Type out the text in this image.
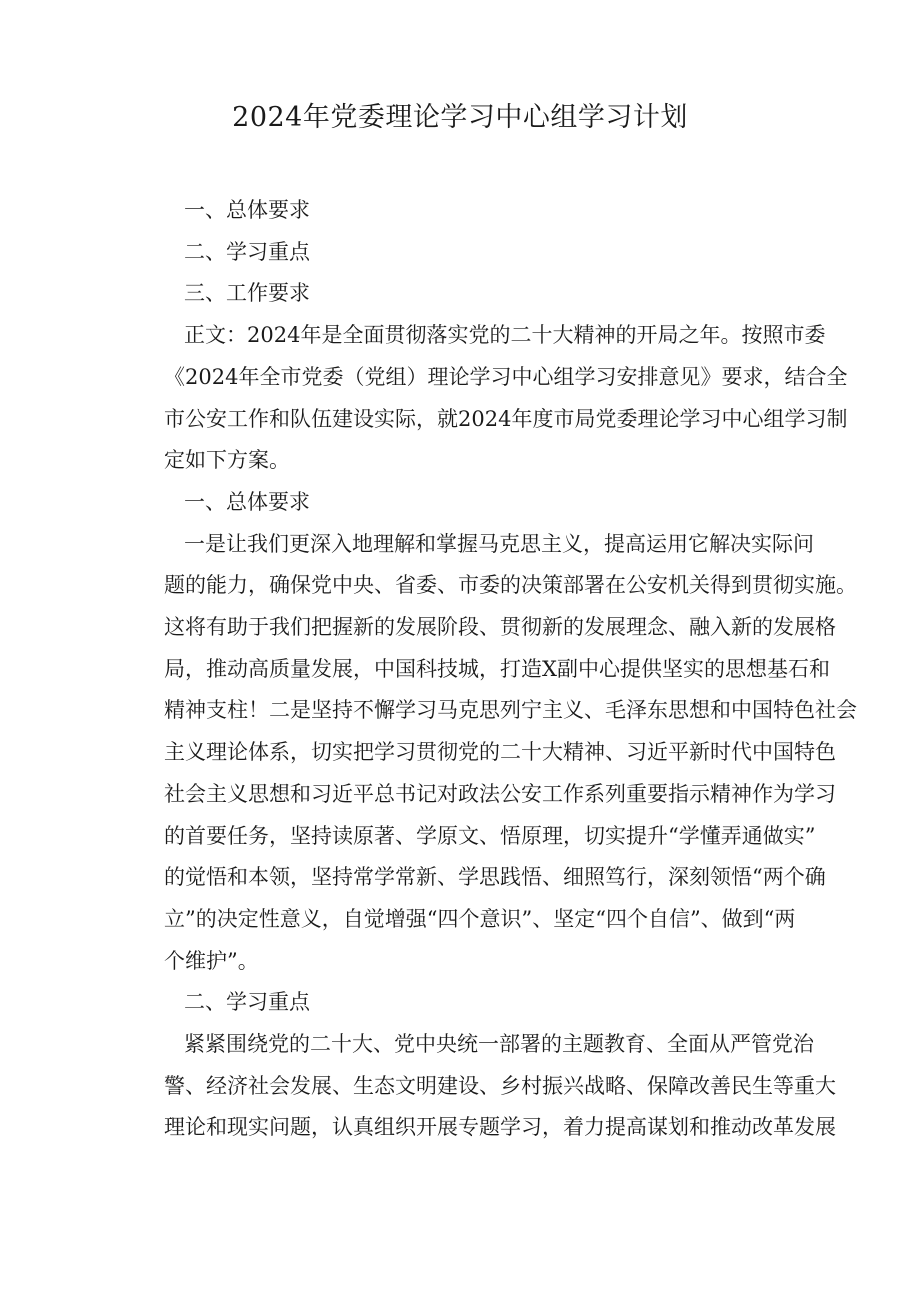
2024年党委理论学习中心组学习计划

一、总体要求

二、学习重点

三、工作要求

正文：2024年是全面贯彻落实党的二十大精神的开局之年。按照市委
《2024年全市党委（党组）理论学习中心组学习安排意见》要求，结合全
市公安工作和队伍建设实际，就2024年度市局党委理论学习中心组学习制
定如下方案。

一、总体要求

一是让我们更深入地理解和掌握马克思主义，提高运用它解决实际问
题的能力，确保党中央、省委、市委的决策部署在公安机关得到贯彻实施。
这将有助于我们把握新的发展阶段、贯彻新的发展理念、融入新的发展格
局，推动高质量发展，中国科技城，打造X副中心提供坚实的思想基石和
精神支柱！二是坚持不懈学习马克思列宁主义、毛泽东思想和中国特色社会
主义理论体系，切实把学习贯彻党的二十大精神、习近平新时代中国特色
社会主义思想和习近平总书记对政法公安工作系列重要指示精神作为学习
的首要任务，坚持读原著、学原文、悟原理，切实提升“学懂弄通做实”
的觉悟和本领，坚持常学常新、学思践悟、细照笃行，深刻领悟“两个确
立”的决定性意义，自觉增强“四个意识”、坚定“四个自信”、做到“两
个维护”。

二、学习重点

紧紧围绕党的二十大、党中央统一部署的主题教育、全面从严管党治
警、经济社会发展、生态文明建设、乡村振兴战略、保障改善民生等重大
理论和现实问题，认真组织开展专题学习，着力提高谋划和推动改革发展
